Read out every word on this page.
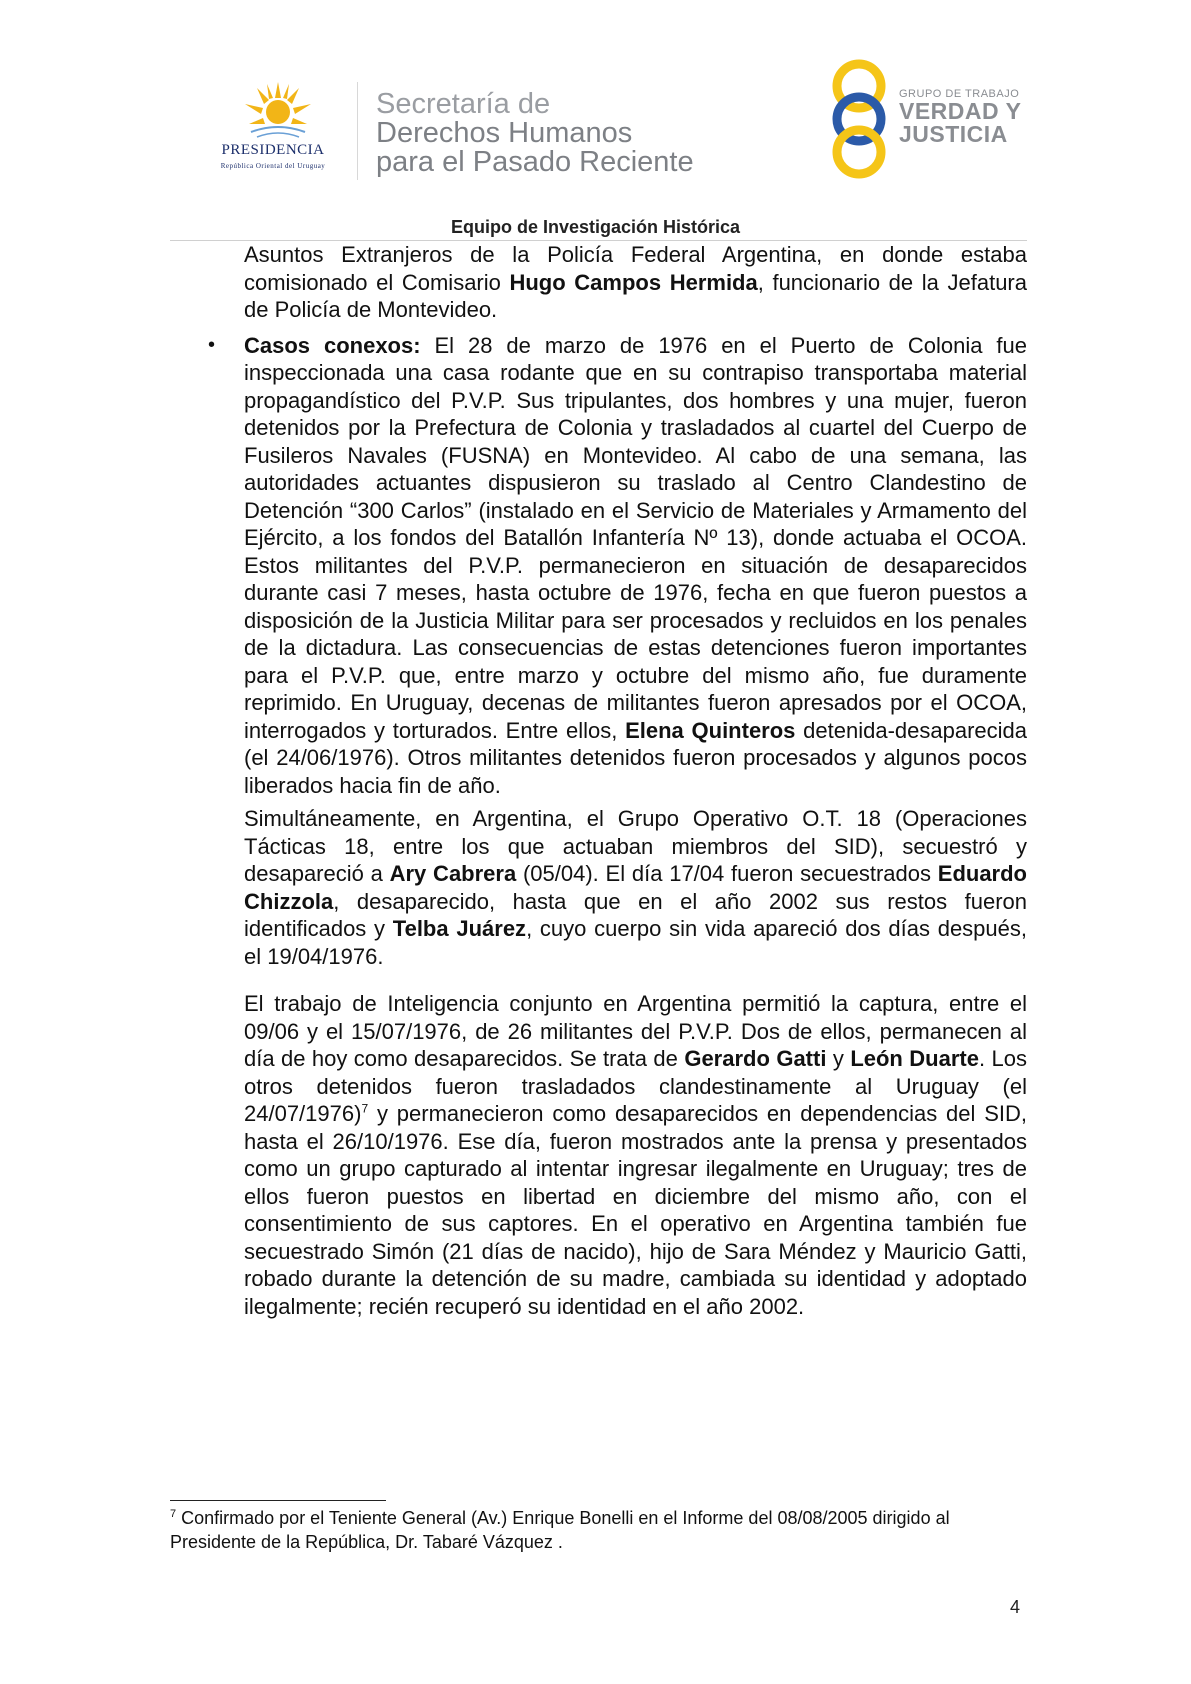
PRESIDENCIA
República Oriental del Uruguay
Secretaría de
Derechos Humanos
para el Pasado Reciente
GRUPO DE TRABAJO
VERDAD Y
JUSTICIA
Equipo de Investigación Histórica

Asuntos Extranjeros de la Policía Federal Argentina, en donde estaba comisionado el Comisario Hugo Campos Hermida, funcionario de la Jefatura de Policía de Montevideo.

• Casos conexos: El 28 de marzo de 1976 en el Puerto de Colonia fue inspeccionada una casa rodante que en su contrapiso transportaba material propagandístico del P.V.P. Sus tripulantes, dos hombres y una mujer, fueron detenidos por la Prefectura de Colonia y trasladados al cuartel del Cuerpo de Fusileros Navales (FUSNA) en Montevideo. Al cabo de una semana, las autoridades actuantes dispusieron su traslado al Centro Clandestino de Detención “300 Carlos” (instalado en el Servicio de Materiales y Armamento del Ejército, a los fondos del Batallón Infantería Nº 13), donde actuaba el OCOA. Estos militantes del P.V.P. permanecieron en situación de desaparecidos durante casi 7 meses, hasta octubre de 1976, fecha en que fueron puestos a disposición de la Justicia Militar para ser procesados y recluidos en los penales de la dictadura. Las consecuencias de estas detenciones fueron importantes para el P.V.P. que, entre marzo y octubre del mismo año, fue duramente reprimido. En Uruguay, decenas de militantes fueron apresados por el OCOA, interrogados y torturados. Entre ellos, Elena Quinteros detenida-desaparecida (el 24/06/1976). Otros militantes detenidos fueron procesados y algunos pocos liberados hacia fin de año.

Simultáneamente, en Argentina, el Grupo Operativo O.T. 18 (Operaciones Tácticas 18, entre los que actuaban miembros del SID), secuestró y desapareció a Ary Cabrera (05/04). El día 17/04 fueron secuestrados Eduardo Chizzola, desaparecido, hasta que en el año 2002 sus restos fueron identificados y Telba Juárez, cuyo cuerpo sin vida apareció dos días después, el 19/04/1976.

El trabajo de Inteligencia conjunto en Argentina permitió la captura, entre el 09/06 y el 15/07/1976, de 26 militantes del P.V.P. Dos de ellos, permanecen al día de hoy como desaparecidos. Se trata de Gerardo Gatti y León Duarte. Los otros detenidos fueron trasladados clandestinamente al Uruguay (el 24/07/1976)$^7$ y permanecieron como desaparecidos en dependencias del SID, hasta el 26/10/1976. Ese día, fueron mostrados ante la prensa y presentados como un grupo capturado al intentar ingresar ilegalmente en Uruguay; tres de ellos fueron puestos en libertad en diciembre del mismo año, con el consentimiento de sus captores. En el operativo en Argentina también fue secuestrado Simón (21 días de nacido), hijo de Sara Méndez y Mauricio Gatti, robado durante la detención de su madre, cambiada su identidad y adoptado ilegalmente; recién recuperó su identidad en el año 2002.

$^7$ Confirmado por el Teniente General (Av.) Enrique Bonelli en el Informe del 08/08/2005 dirigido al Presidente de la República, Dr. Tabaré Vázquez .
4
